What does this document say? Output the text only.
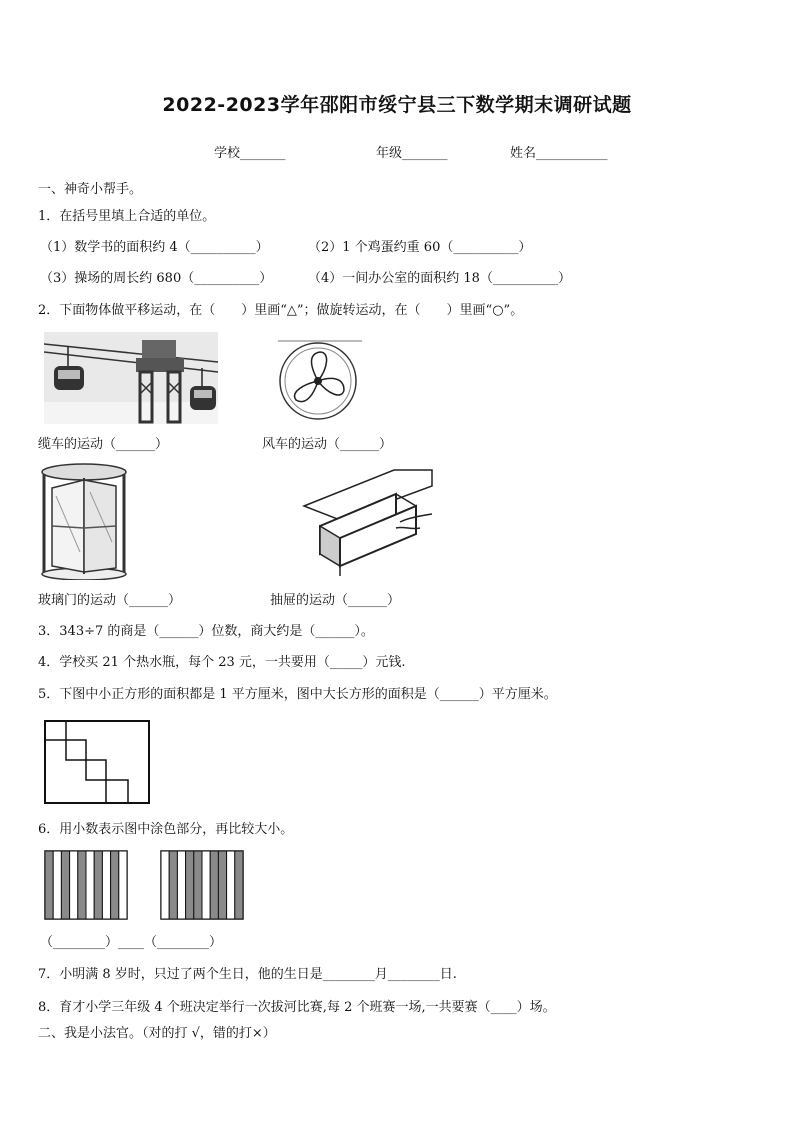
2022-2023学年邵阳市绥宁县三下数学期末调研试题
学校_______	年级_______	姓名___________
一、神奇小帮手。
1．在括号里填上合适的单位。
（1）数学书的面积约 4（__________）	（2）1 个鸡蛋约重 60（__________）
（3）操场的周长约 680（__________）	（4）一间办公室的面积约 18（__________）
2．下面物体做平移运动，在（　　）里画“△”；做旋转运动，在（　　）里画“○”。
缆车的运动（______）	风车的运动（______）
玻璃门的运动（______）	抽屉的运动（______）
3．343÷7 的商是（______）位数，商大约是（______）。
4．学校买 21 个热水瓶，每个 23 元，一共要用（_____）元钱.
5．下图中小正方形的面积都是 1 平方厘米，图中大长方形的面积是（______）平方厘米。
6．用小数表示图中涂色部分，再比较大小。
（________）____（________）
7．小明满 8 岁时，只过了两个生日，他的生日是________月________日.
8．育才小学三年级 4 个班决定举行一次拔河比赛,每 2 个班赛一场,一共要赛（____）场。
二、我是小法官。（对的打 √，错的打×）
